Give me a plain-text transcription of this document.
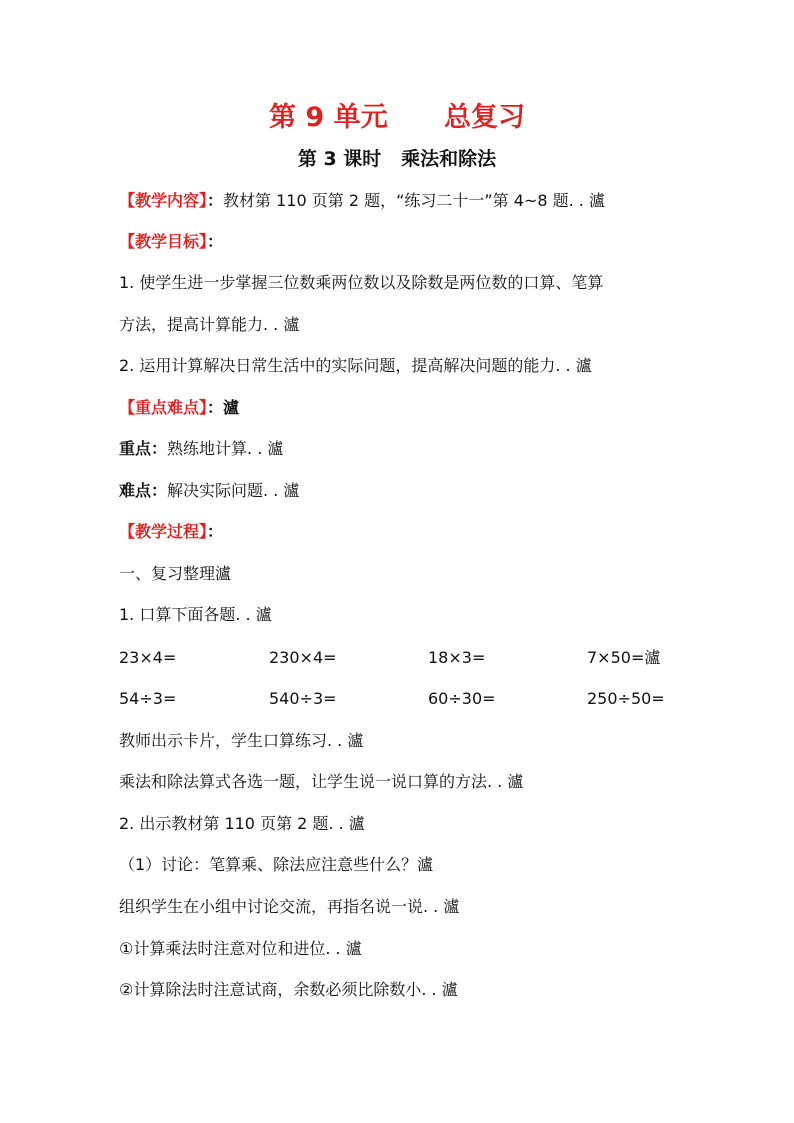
第 9 单元      总复习
第 3 课时   乘法和除法
【教学内容】：教材第 110 页第 2 题，“练习二十一”第 4~8 题. . 瀘
【教学目标】：
1. 使学生进一步掌握三位数乘两位数以及除数是两位数的口算、笔算
方法，提高计算能力. . 瀘
2. 运用计算解决日常生活中的实际问题，提高解决问题的能力. . 瀘
【重点难点】：瀘
重点：熟练地计算. . 瀘
难点：解决实际问题. . 瀘
【教学过程】：
一、复习整理瀘
1. 口算下面各题. . 瀘
23×4=	230×4=	18×3=	7×50=瀘
54÷3=	540÷3=	60÷30=	250÷50=
教师出示卡片，学生口算练习. . 瀘
乘法和除法算式各选一题，让学生说一说口算的方法. . 瀘
2. 出示教材第 110 页第 2 题. . 瀘
（1）讨论：笔算乘、除法应注意些什么？瀘
组织学生在小组中讨论交流，再指名说一说. . 瀘
①计算乘法时注意对位和进位. . 瀘
②计算除法时注意试商，余数必须比除数小. . 瀘
